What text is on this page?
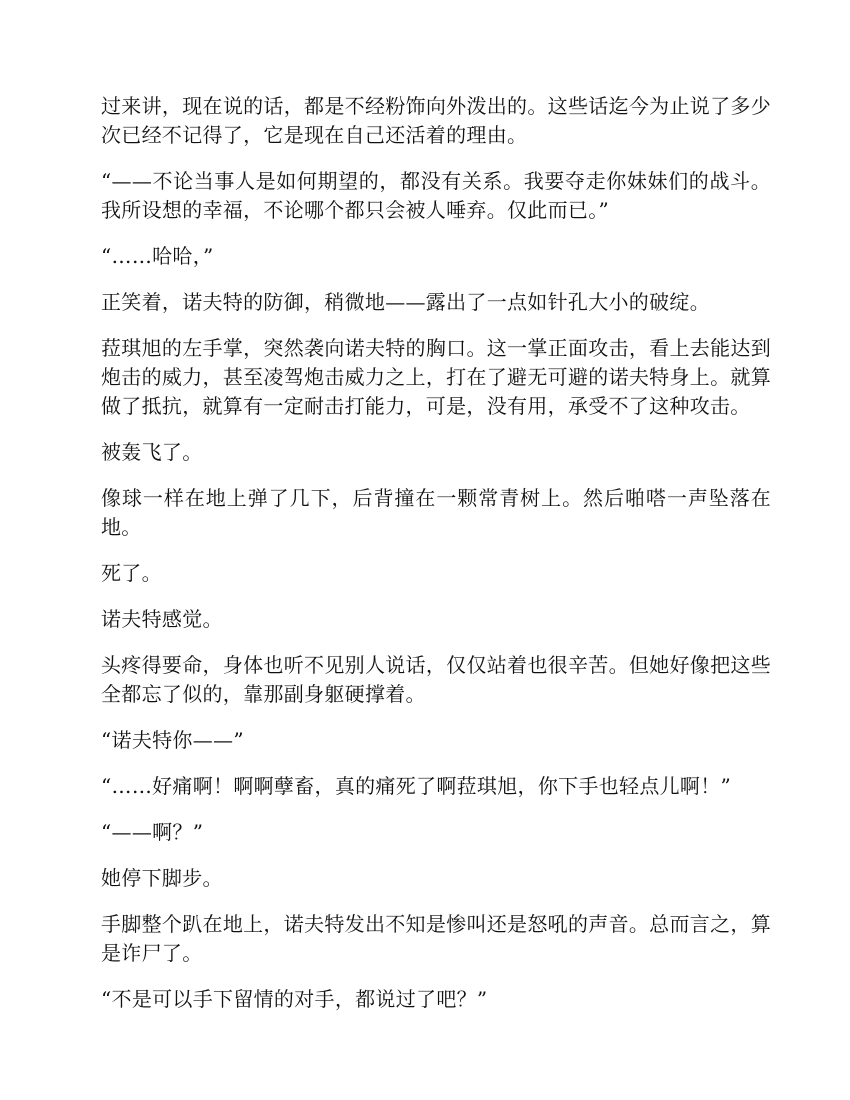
过来讲，现在说的话，都是不经粉饰向外泼出的。这些话迄今为止说了多少次已经不记得了，它是现在自己还活着的理由。

“——不论当事人是如何期望的，都没有关系。我要夺走你妹妹们的战斗。我所设想的幸福，不论哪个都只会被人唾弃。仅此而已。”

“……哈哈，”

正笑着，诺夫特的防御，稍微地——露出了一点如针孔大小的破绽。

菈琪旭的左手掌，突然袭向诺夫特的胸口。这一掌正面攻击，看上去能达到炮击的威力，甚至凌驾炮击威力之上，打在了避无可避的诺夫特身上。就算做了抵抗，就算有一定耐击打能力，可是，没有用，承受不了这种攻击。

被轰飞了。

像球一样在地上弹了几下，后背撞在一颗常青树上。然后啪嗒一声坠落在地。

死了。

诺夫特感觉。

头疼得要命，身体也听不见别人说话，仅仅站着也很辛苦。但她好像把这些全都忘了似的，靠那副身躯硬撑着。

“诺夫特你——”

“……好痛啊！啊啊孽畜，真的痛死了啊菈琪旭，你下手也轻点儿啊！”

“——啊？”

她停下脚步。

手脚整个趴在地上，诺夫特发出不知是惨叫还是怒吼的声音。总而言之，算是诈尸了。

“不是可以手下留情的对手，都说过了吧？”
